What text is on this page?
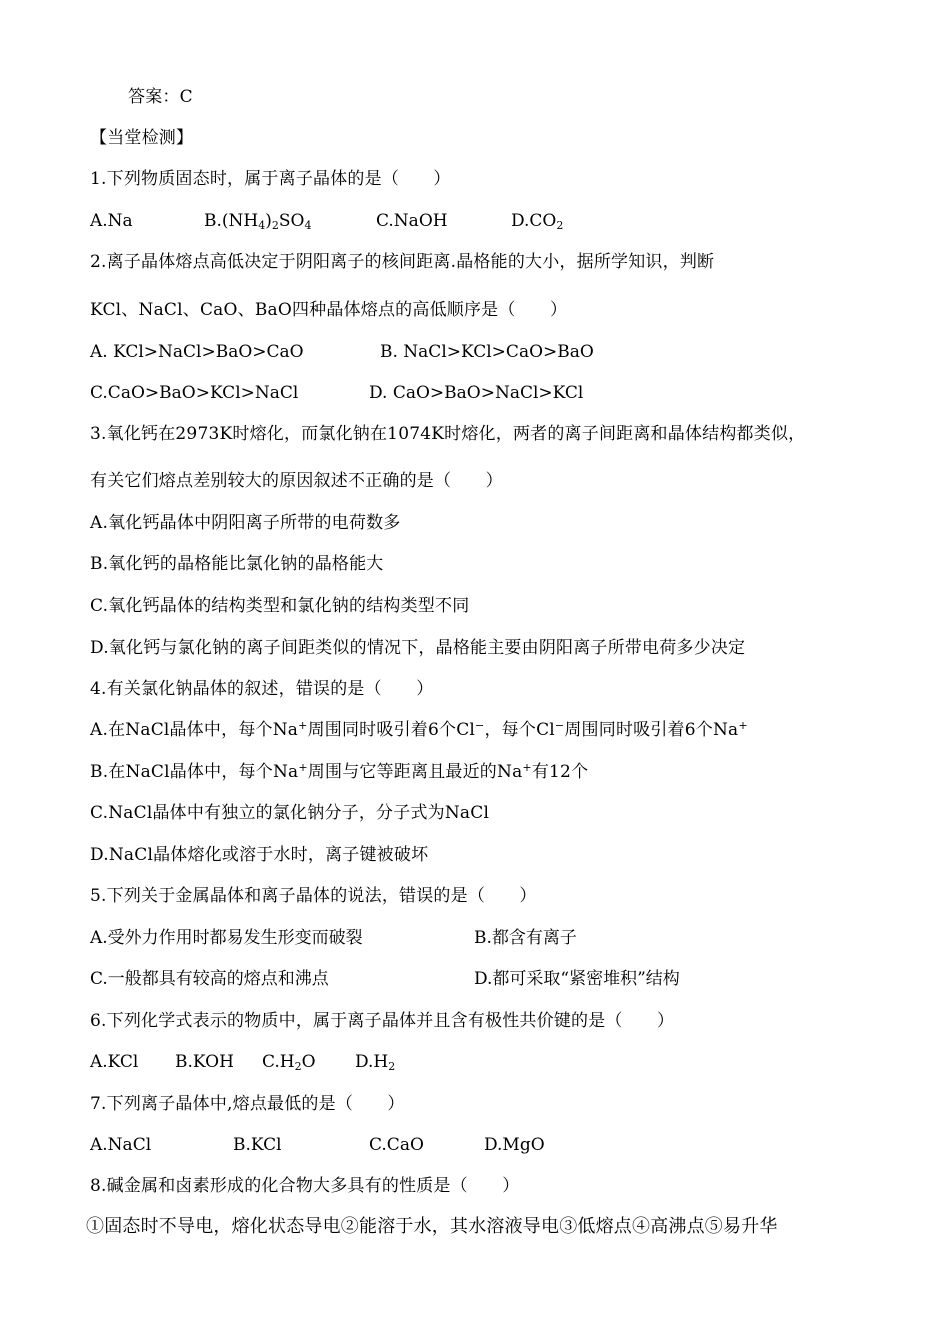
答案：C
【当堂检测】
1.下列物质固态时，属于离子晶体的是（　　）
A.Na	$B.(NH_4)_2SO_4$	C.NaOH	$D.CO_2$
2.离子晶体熔点高低决定于阴阳离子的核间距离.晶格能的大小，据所学知识，判断
KCl、NaCl、CaO、BaO四种晶体熔点的高低顺序是（　　）
A. KCl>NaCl>BaO>CaO	B. NaCl>KCl>CaO>BaO
C.CaO>BaO>KCl>NaCl	D. CaO>BaO>NaCl>KCl
3.氧化钙在2973K时熔化，而氯化钠在1074K时熔化，两者的离子间距离和晶体结构都类似，
有关它们熔点差别较大的原因叙述不正确的是（　　）
A.氧化钙晶体中阴阳离子所带的电荷数多
B.氧化钙的晶格能比氯化钠的晶格能大
C.氧化钙晶体的结构类型和氯化钠的结构类型不同
D.氧化钙与氯化钠的离子间距类似的情况下，晶格能主要由阴阳离子所带电荷多少决定
4.有关氯化钠晶体的叙述，错误的是（　　）
A.在NaCl晶体中，每个Na+周围同时吸引着6个Cl−，每个Cl−周围同时吸引着6个Na+
B.在NaCl晶体中，每个Na+周围与它等距离且最近的Na+有12个
C.NaCl晶体中有独立的氯化钠分子，分子式为NaCl
D.NaCl晶体熔化或溶于水时，离子键被破坏
5.下列关于金属晶体和离子晶体的说法，错误的是（　　）
A.受外力作用时都易发生形变而破裂	B.都含有离子
C.一般都具有较高的熔点和沸点	D.都可采取“紧密堆积”结构
6.下列化学式表示的物质中，属于离子晶体并且含有极性共价键的是（　　）
A.KCl B.KOH $C.H_2O$ $D.H_2$
7.下列离子晶体中,熔点最低的是（　　）
A.NaCl	B.KCl	C.CaO	D.MgO
8.碱金属和卤素形成的化合物大多具有的性质是（　　）
①固态时不导电，熔化状态导电②能溶于水，其水溶液导电③低熔点④高沸点⑤易升华
